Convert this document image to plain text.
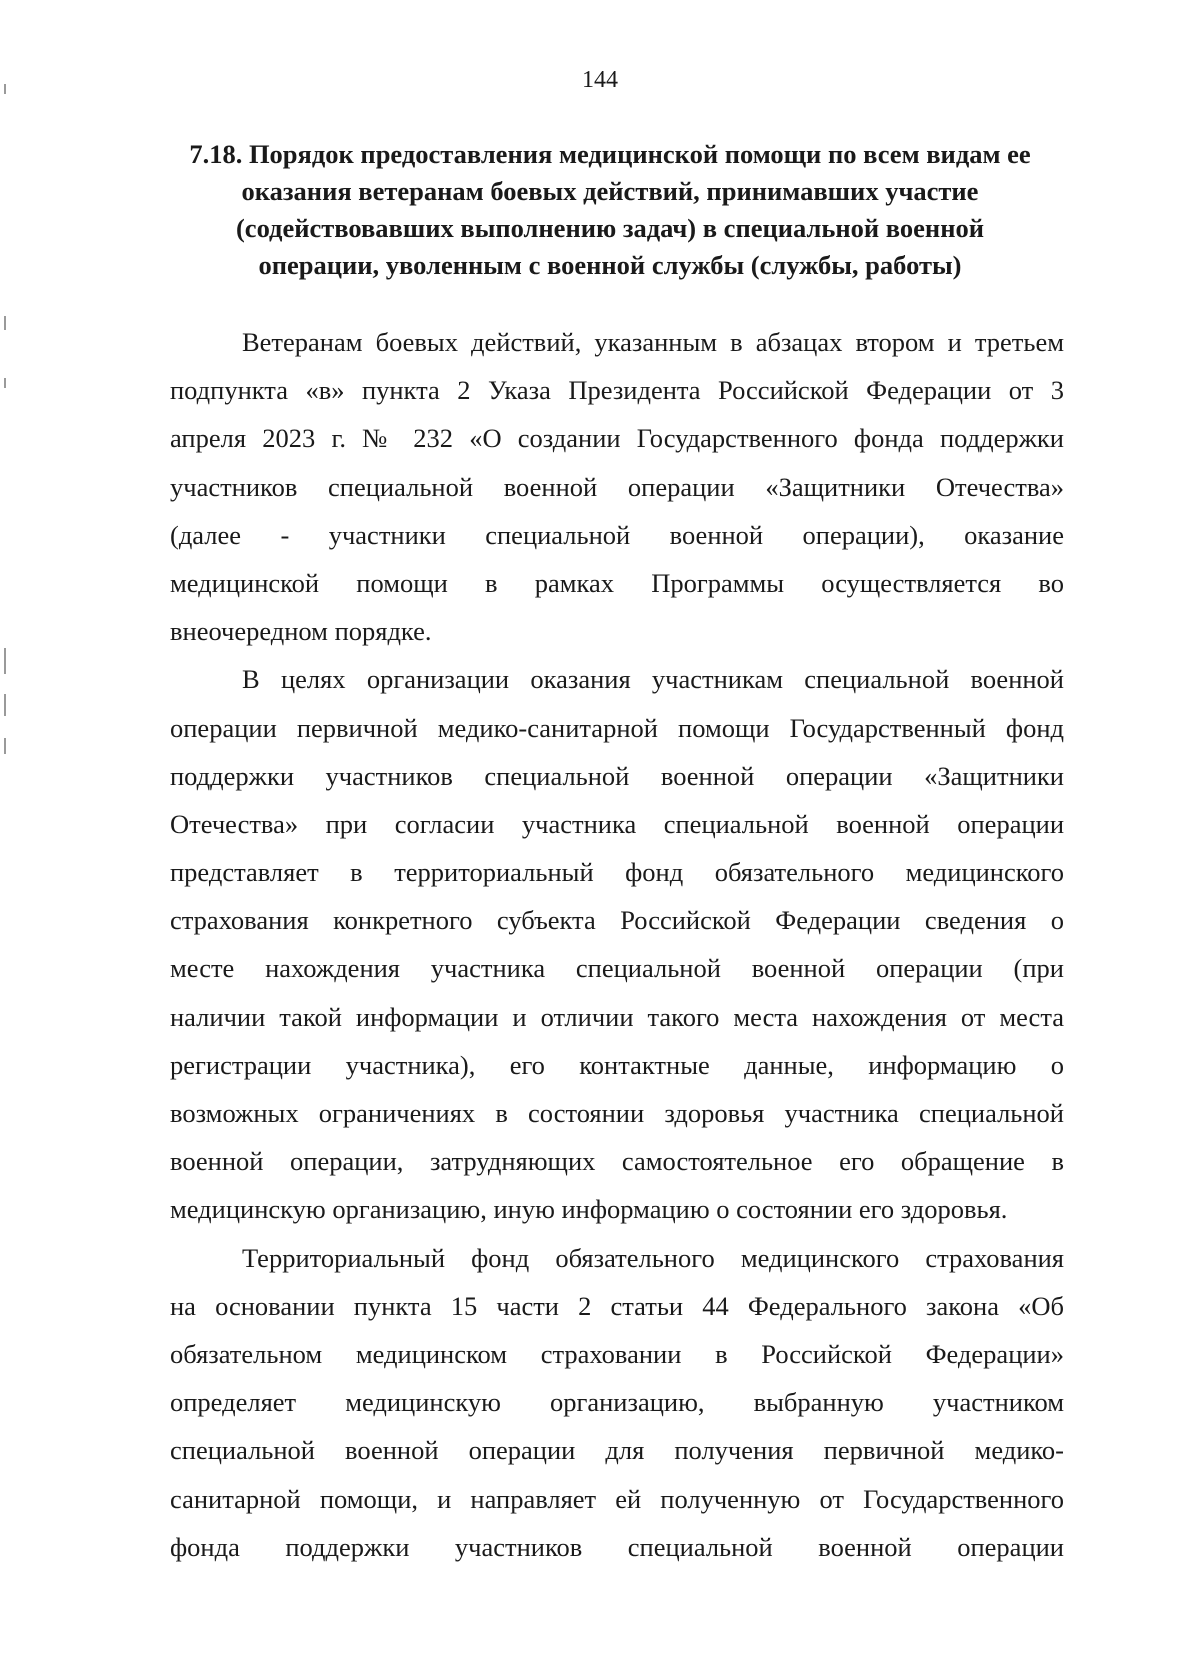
144
7.18. Порядок предоставления медицинской помощи по всем видам ее
оказания ветеранам боевых действий, принимавших участие
(содействовавших выполнению задач) в специальной военной
операции, уволенным с военной службы (службы, работы)
Ветеранам боевых действий, указанным в абзацах втором и третьем
подпункта «в» пункта 2 Указа Президента Российской Федерации от 3
апреля 2023 г. № 232 «О создании Государственного фонда поддержки
участников специальной военной операции «Защитники Отечества»
(далее - участники специальной военной операции), оказание
медицинской помощи в рамках Программы осуществляется во
внеочередном порядке.
В целях организации оказания участникам специальной военной
операции первичной медико-санитарной помощи Государственный фонд
поддержки участников специальной военной операции «Защитники
Отечества» при согласии участника специальной военной операции
представляет в территориальный фонд обязательного медицинского
страхования конкретного субъекта Российской Федерации сведения о
месте нахождения участника специальной военной операции (при
наличии такой информации и отличии такого места нахождения от места
регистрации участника), его контактные данные, информацию о
возможных ограничениях в состоянии здоровья участника специальной
военной операции, затрудняющих самостоятельное его обращение в
медицинскую организацию, иную информацию о состоянии его здоровья.
Территориальный фонд обязательного медицинского страхования
на основании пункта 15 части 2 статьи 44 Федерального закона «Об
обязательном медицинском страховании в Российской Федерации»
определяет медицинскую организацию, выбранную участником
специальной военной операции для получения первичной медико-
санитарной помощи, и направляет ей полученную от Государственного
фонда поддержки участников специальной военной операции
